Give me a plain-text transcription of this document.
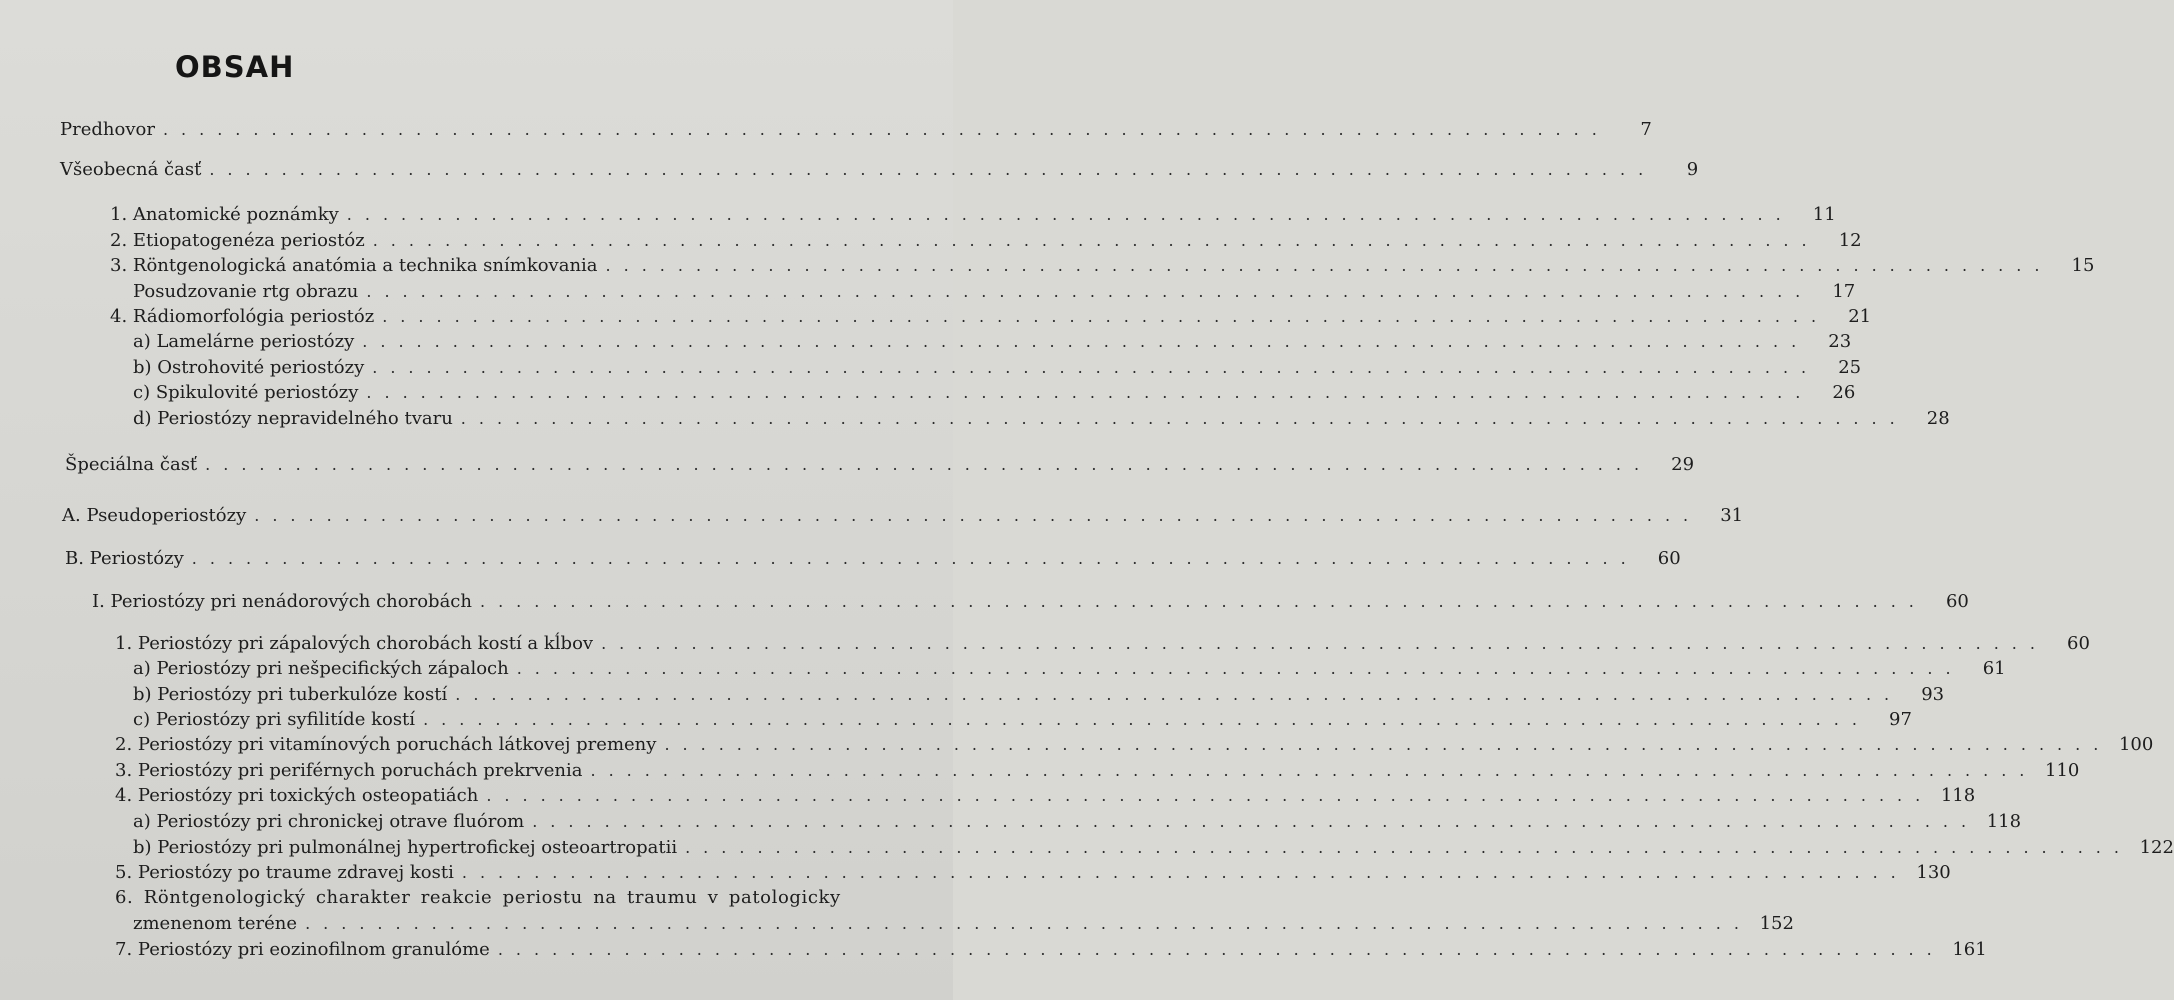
OBSAH
Predhovor ................................................................................	7
Všeobecná časť ................................................................................	9
1. Anatomické poznámky ................................................................................	11
2. Etiopatogenéza periostóz ................................................................................	12
3. Röntgenologická anatómia a technika snímkovania ................................................................................	15
Posudzovanie rtg obrazu ................................................................................	17
4. Rádiomorfológia periostóz ................................................................................	21
a) Lamelárne periostózy ................................................................................	23
b) Ostrohovité periostózy ................................................................................	25
c) Spikulovité periostózy ................................................................................	26
d) Periostózy nepravidelného tvaru ................................................................................	28
Špeciálna časť ................................................................................	29
A. Pseudoperiostózy ................................................................................	31
B. Periostózy ................................................................................	60
I. Periostózy pri nenádorových chorobách ................................................................................	60
1. Periostózy pri zápalových chorobách kostí a kĺbov ................................................................................	60
a) Periostózy pri nešpecifických zápaloch ................................................................................	61
b) Periostózy pri tuberkulóze kostí ................................................................................	93
c) Periostózy pri syfilitíde kostí ................................................................................	97
2. Periostózy pri vitamínových poruchách látkovej premeny ................................................................................ 100
3. Periostózy pri periférnych poruchách prekrvenia ................................................................................ 110
4. Periostózy pri toxických osteopatiách ................................................................................ 118
a) Periostózy pri chronickej otrave fluórom ................................................................................ 118
b) Periostózy pri pulmonálnej hypertrofickej osteoartropatii ................................................................................ 122
5. Periostózy po traume zdravej kosti ................................................................................ 130
6. Röntgenologický charakter reakcie periostu na traumu v patologicky
zmenenom teréne ................................................................................ 152
7. Periostózy pri eozinofilnom granulóme ................................................................................ 161
